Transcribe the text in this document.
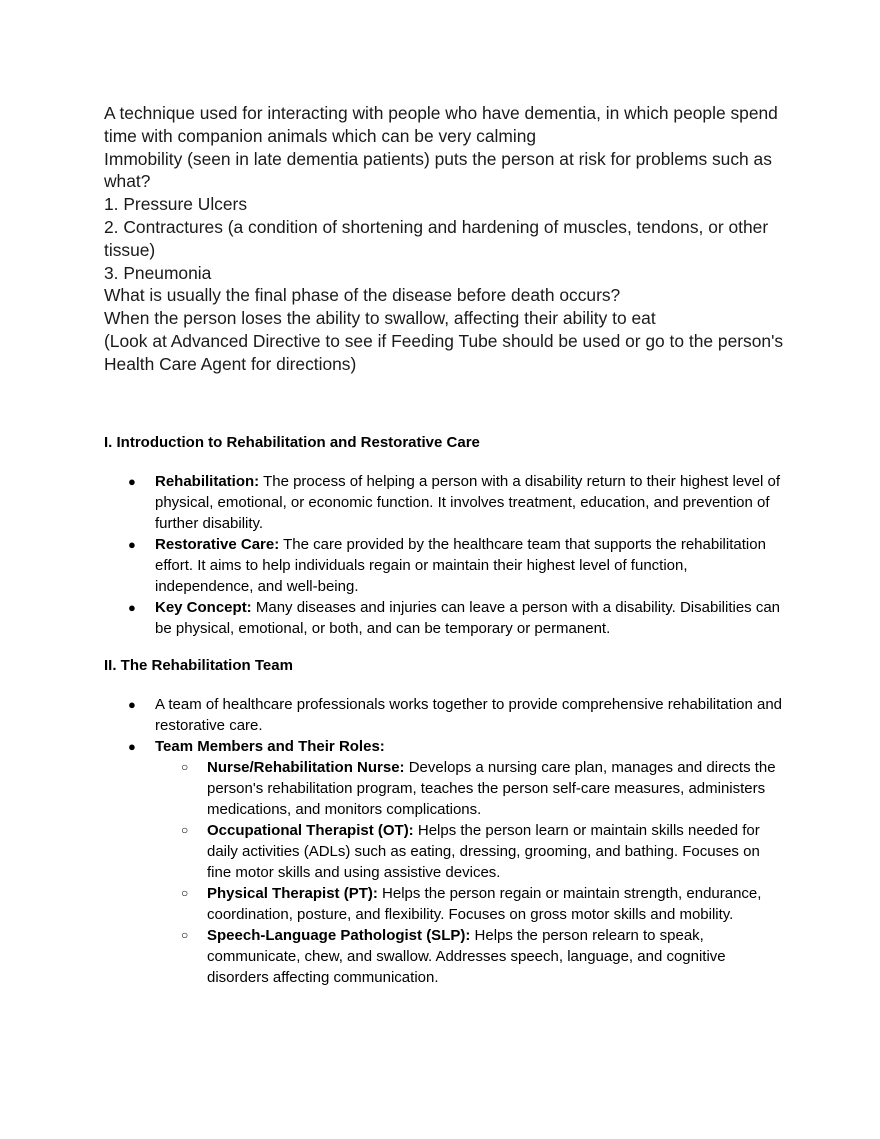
A technique used for interacting with people who have dementia, in which people spend time with companion animals which can be very calming

Immobility (seen in late dementia patients) puts the person at risk for problems such as what?

1. Pressure Ulcers

2. Contractures (a condition of shortening and hardening of muscles, tendons, or other tissue)

3. Pneumonia

What is usually the final phase of the disease before death occurs?

When the person loses the ability to swallow, affecting their ability to eat

(Look at Advanced Directive to see if Feeding Tube should be used or go to the person's Health Care Agent for directions)

I. Introduction to Rehabilitation and Restorative Care
● Rehabilitation: The process of helping a person with a disability return to their highest level of physical, emotional, or economic function. It involves treatment, education, and prevention of further disability.
● Restorative Care: The care provided by the healthcare team that supports the rehabilitation effort. It aims to help individuals regain or maintain their highest level of function, independence, and well-being.
● Key Concept: Many diseases and injuries can leave a person with a disability. Disabilities can be physical, emotional, or both, and can be temporary or permanent.
II. The Rehabilitation Team
● A team of healthcare professionals works together to provide comprehensive rehabilitation and restorative care.
● Team Members and Their Roles:
○ Nurse/Rehabilitation Nurse: Develops a nursing care plan, manages and directs the person's rehabilitation program, teaches the person self-care measures, administers medications, and monitors complications.
○ Occupational Therapist (OT): Helps the person learn or maintain skills needed for daily activities (ADLs) such as eating, dressing, grooming, and bathing. Focuses on fine motor skills and using assistive devices.
○ Physical Therapist (PT): Helps the person regain or maintain strength, endurance, coordination, posture, and flexibility. Focuses on gross motor skills and mobility.
○ Speech-Language Pathologist (SLP): Helps the person relearn to speak, communicate, chew, and swallow. Addresses speech, language, and cognitive disorders affecting communication.
